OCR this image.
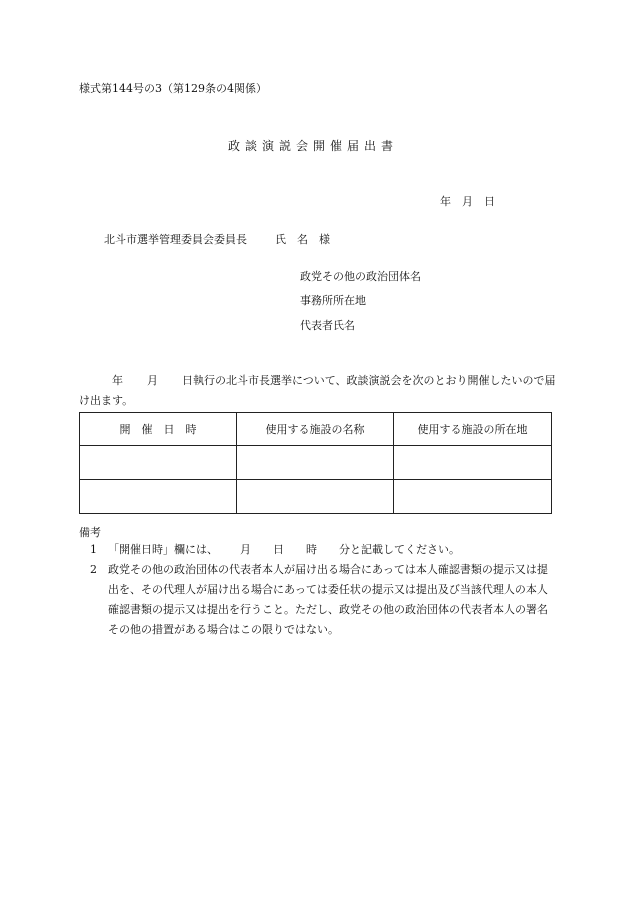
様式第144号の3（第129条の4関係）
政談演説会開催届出書
年　月　日
北斗市選挙管理委員会委員長	氏　名　様
政党その他の政治団体名
事務所所在地
代表者氏名
年 月 日執行の北斗市長選挙について、政談演説会を次のとおり開催したいので届け出ます。
開　催　日　時	使用する施設の名称	使用する施設の所在地

備考
1 「開催日時」欄には、 月 日 時 分と記載してください。
2	政党その他の政治団体の代表者本人が届け出る場合にあっては本人確認書類の提示又は提出を、その代理人が届け出る場合にあっては委任状の提示又は提出及び当該代理人の本人確認書類の提示又は提出を行うこと。ただし、政党その他の政治団体の代表者本人の署名その他の措置がある場合はこの限りではない。
